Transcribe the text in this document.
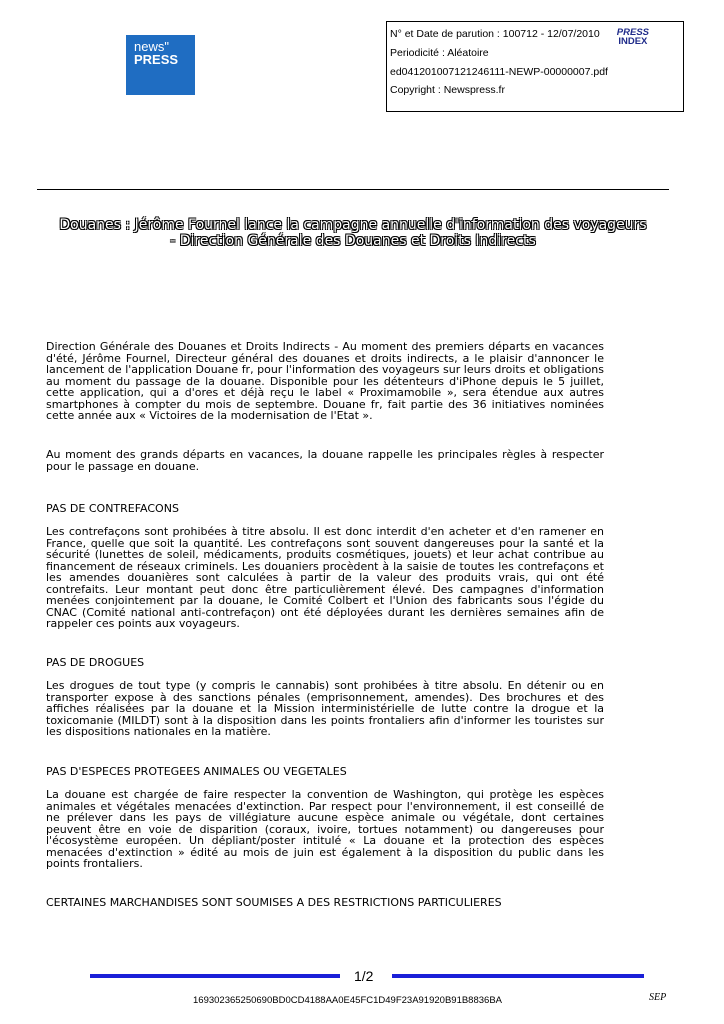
news"
PRESS
N° et Date de parution : 100712 - 12/07/2010
Periodicité : Aléatoire
ed041201007121246111-NEWP-00000007.pdf
Copyright : Newspress.fr
PRESS
INDEX
Douanes : Jérôme Fournel lance la campagne annuelle d'information des voyageurs
- Direction Générale des Douanes et Droits Indirects

Direction Générale des Douanes et Droits Indirects - Au moment des premiers départs en vacances d'été, Jérôme Fournel, Directeur général des douanes et droits indirects, a le plaisir d'annoncer le lancement de l'application Douane fr, pour l'information des voyageurs sur leurs droits et obligations au moment du passage de la douane. Disponible pour les détenteurs d'iPhone depuis le 5 juillet, cette application, qui a d'ores et déjà reçu le label « Proximamobile », sera étendue aux autres smartphones à compter du mois de septembre. Douane fr, fait partie des 36 initiatives nominées cette année aux « Victoires de la modernisation de l'Etat ».

Au moment des grands départs en vacances, la douane rappelle les principales règles à respecter pour le passage en douane.

PAS DE CONTREFACONS

Les contrefaçons sont prohibées à titre absolu. Il est donc interdit d'en acheter et d'en ramener en France, quelle que soit la quantité. Les contrefaçons sont souvent dangereuses pour la santé et la sécurité (lunettes de soleil, médicaments, produits cosmétiques, jouets) et leur achat contribue au financement de réseaux criminels. Les douaniers procèdent à la saisie de toutes les contrefaçons et les amendes douanières sont calculées à partir de la valeur des produits vrais, qui ont été contrefaits. Leur montant peut donc être particulièrement élevé. Des campagnes d'information menées conjointement par la douane, le Comité Colbert et l'Union des fabricants sous l'égide du CNAC (Comité national anti-contrefaçon) ont été déployées durant les dernières semaines afin de rappeler ces points aux voyageurs.

PAS DE DROGUES

Les drogues de tout type (y compris le cannabis) sont prohibées à titre absolu. En détenir ou en transporter expose à des sanctions pénales (emprisonnement, amendes). Des brochures et des affiches réalisées par la douane et la Mission interministérielle de lutte contre la drogue et la toxicomanie (MILDT) sont à la disposition dans les points frontaliers afin d'informer les touristes sur les dispositions nationales en la matière.

PAS D'ESPECES PROTEGEES ANIMALES OU VEGETALES

La douane est chargée de faire respecter la convention de Washington, qui protège les espèces animales et végétales menacées d'extinction. Par respect pour l'environnement, il est conseillé de ne prélever dans les pays de villégiature aucune espèce animale ou végétale, dont certaines peuvent être en voie de disparition (coraux, ivoire, tortues notamment) ou dangereuses pour l'écosystème européen. Un dépliant/poster intitulé « La douane et la protection des espèces menacées d'extinction » édité au mois de juin est également à la disposition du public dans les points frontaliers.

CERTAINES MARCHANDISES SONT SOUMISES A DES RESTRICTIONS PARTICULIERES

1/2
169302365250690BD0CD4188AA0E45FC1D49F23A91920B91B8836BA	SEP
